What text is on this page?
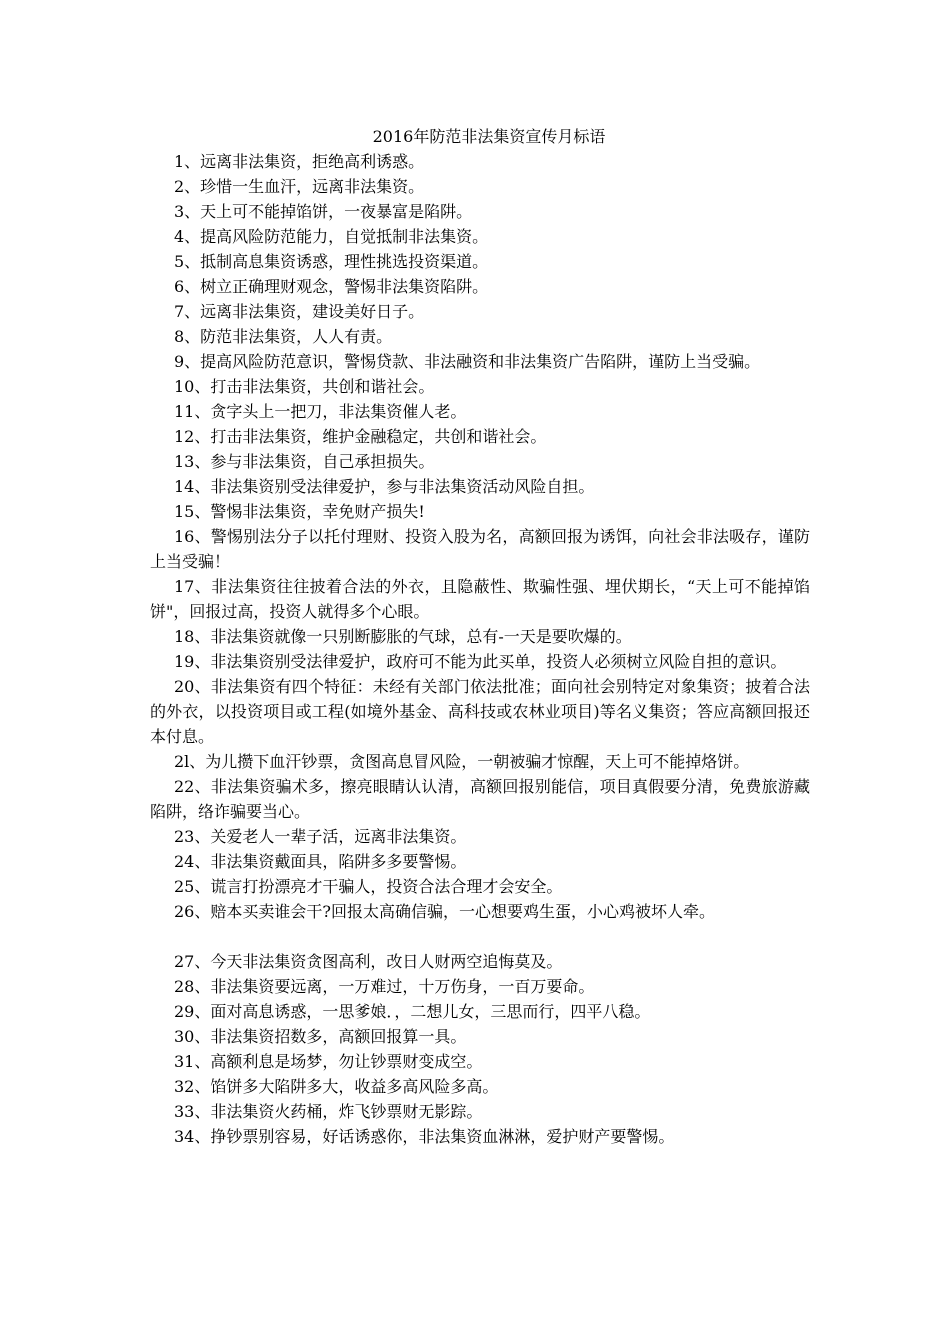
2016年防范非法集资宣传月标语

1、远离非法集资，拒绝高利诱惑。

2、珍惜一生血汗，远离非法集资。

3、天上可不能掉馅饼，一夜暴富是陷阱。

4、提高风险防范能力，自觉抵制非法集资。

5、抵制高息集资诱惑，理性挑选投资渠道。

6、树立正确理财观念，警惕非法集资陷阱。

7、远离非法集资，建设美好日子。

8、防范非法集资，人人有责。

9、提高风险防范意识，警惕贷款、非法融资和非法集资广告陷阱，谨防上当受骗。

10、打击非法集资，共创和谐社会。

11、贪字头上一把刀，非法集资催人老。

12、打击非法集资，维护金融稳定，共创和谐社会。

13、参与非法集资，自己承担损失。

14、非法集资别受法律爱护，参与非法集资活动风险自担。

15、警惕非法集资，幸免财产损失!

16、警惕别法分子以托付理财、投资入股为名，高额回报为诱饵，向社会非法吸存，谨防上当受骗！

17、非法集资往往披着合法的外衣，且隐蔽性、欺骗性强、埋伏期长，“天上可不能掉馅饼"，回报过高，投资人就得多个心眼。

18、非法集资就像一只别断膨胀的气球，总有-一天是要吹爆的。

19、非法集资别受法律爱护，政府可不能为此买单，投资人必须树立风险自担的意识。

20、非法集资有四个特征：未经有关部门依法批准；面向社会别特定对象集资；披着合法的外衣，以投资项目或工程(如境外基金、高科技或农林业项目)等名义集资；答应高额回报还本付息。

2l、为儿攒下血汗钞票，贪图高息冒风险，一朝被骗才惊醒，天上可不能掉烙饼。

22、非法集资骗术多，擦亮眼睛认认清，高额回报别能信，项目真假要分清，免费旅游藏陷阱，络诈骗要当心。

23、关爱老人一辈子活，远离非法集资。

24、非法集资戴面具，陷阱多多要警惕。

25、谎言打扮漂亮才干骗人，投资合法合理才会安全。

26、赔本买卖谁会干?回报太高确信骗，一心想要鸡生蛋，小心鸡被坏人牵。

27、今天非法集资贪图高利，改日人财两空追悔莫及。

28、非法集资要远离，一万难过，十万伤身，一百万要命。

29、面对高息诱惑，一思爹娘．，二想儿女，三思而行，四平八稳。

30、非法集资招数多，高额回报算一具。

31、高额利息是场梦，勿让钞票财变成空。

32、馅饼多大陷阱多大，收益多高风险多高。

33、非法集资火药桶，炸飞钞票财无影踪。

34、挣钞票别容易，好话诱惑你，非法集资血淋淋，爱护财产要警惕。
